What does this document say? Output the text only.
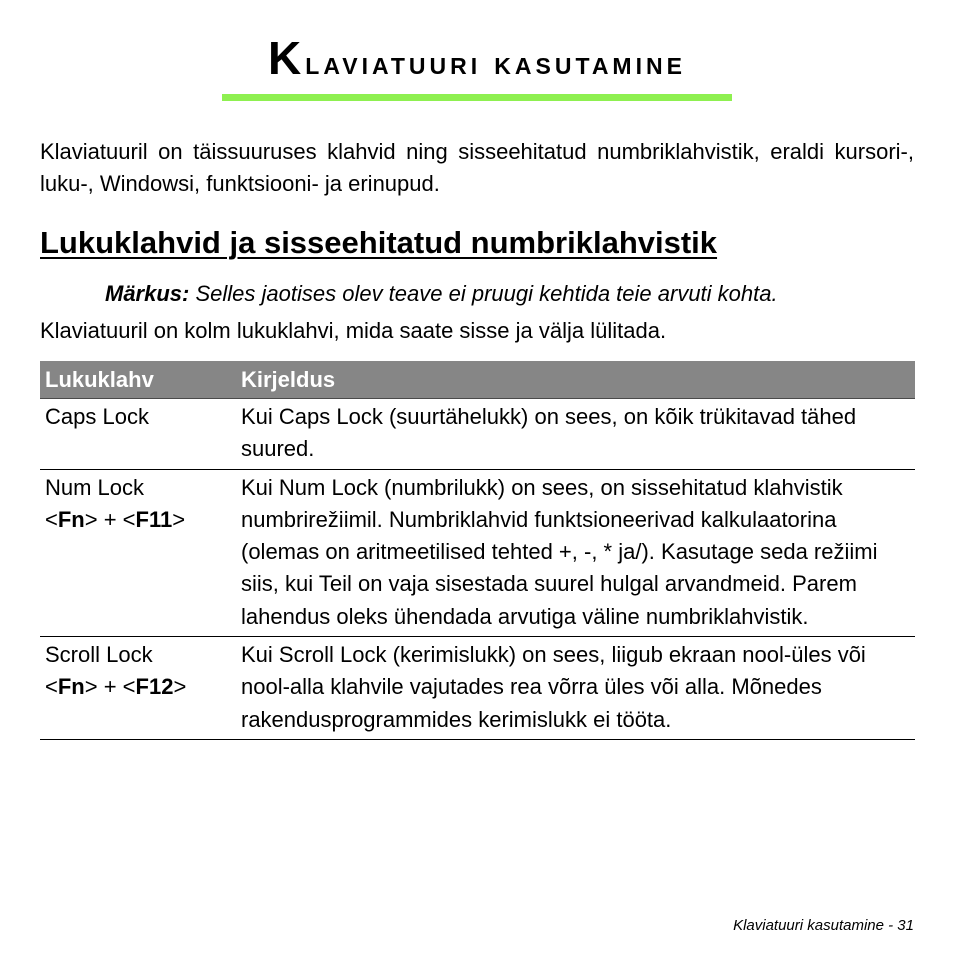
Klaviatuuri kasutamine

Klaviatuuril on täissuuruses klahvid ning sisseehitatud numbriklahvistik, eraldi kursori-, luku-, Windowsi, funktsiooni- ja erinupud.

Lukuklahvid ja sisseehitatud numbriklahvistik

Märkus: Selles jaotises olev teave ei pruugi kehtida teie arvuti kohta.

Klaviatuuril on kolm lukuklahvi, mida saate sisse ja välja lülitada.

Lukuklahv	Kirjeldus
Caps Lock	Kui Caps Lock (suurtähelukk) on sees, on kõik trükitavad tähed suured.
Num Lock
<Fn> + <F11>	Kui Num Lock (numbrilukk) on sees, on sissehitatud klahvistik numbrirežiimil. Numbriklahvid funktsioneerivad kalkulaatorina (olemas on aritmeetilised tehted +, -, * ja/). Kasutage seda režiimi siis, kui Teil on vaja sisestada suurel hulgal arvandmeid. Parem lahendus oleks ühendada arvutiga väline numbriklahvistik.
Scroll Lock
<Fn> + <F12>	Kui Scroll Lock (kerimislukk) on sees, liigub ekraan nool-üles või nool-alla klahvile vajutades rea võrra üles või alla. Mõnedes rakendusprogrammides kerimislukk ei tööta.

Klaviatuuri kasutamine - 31
